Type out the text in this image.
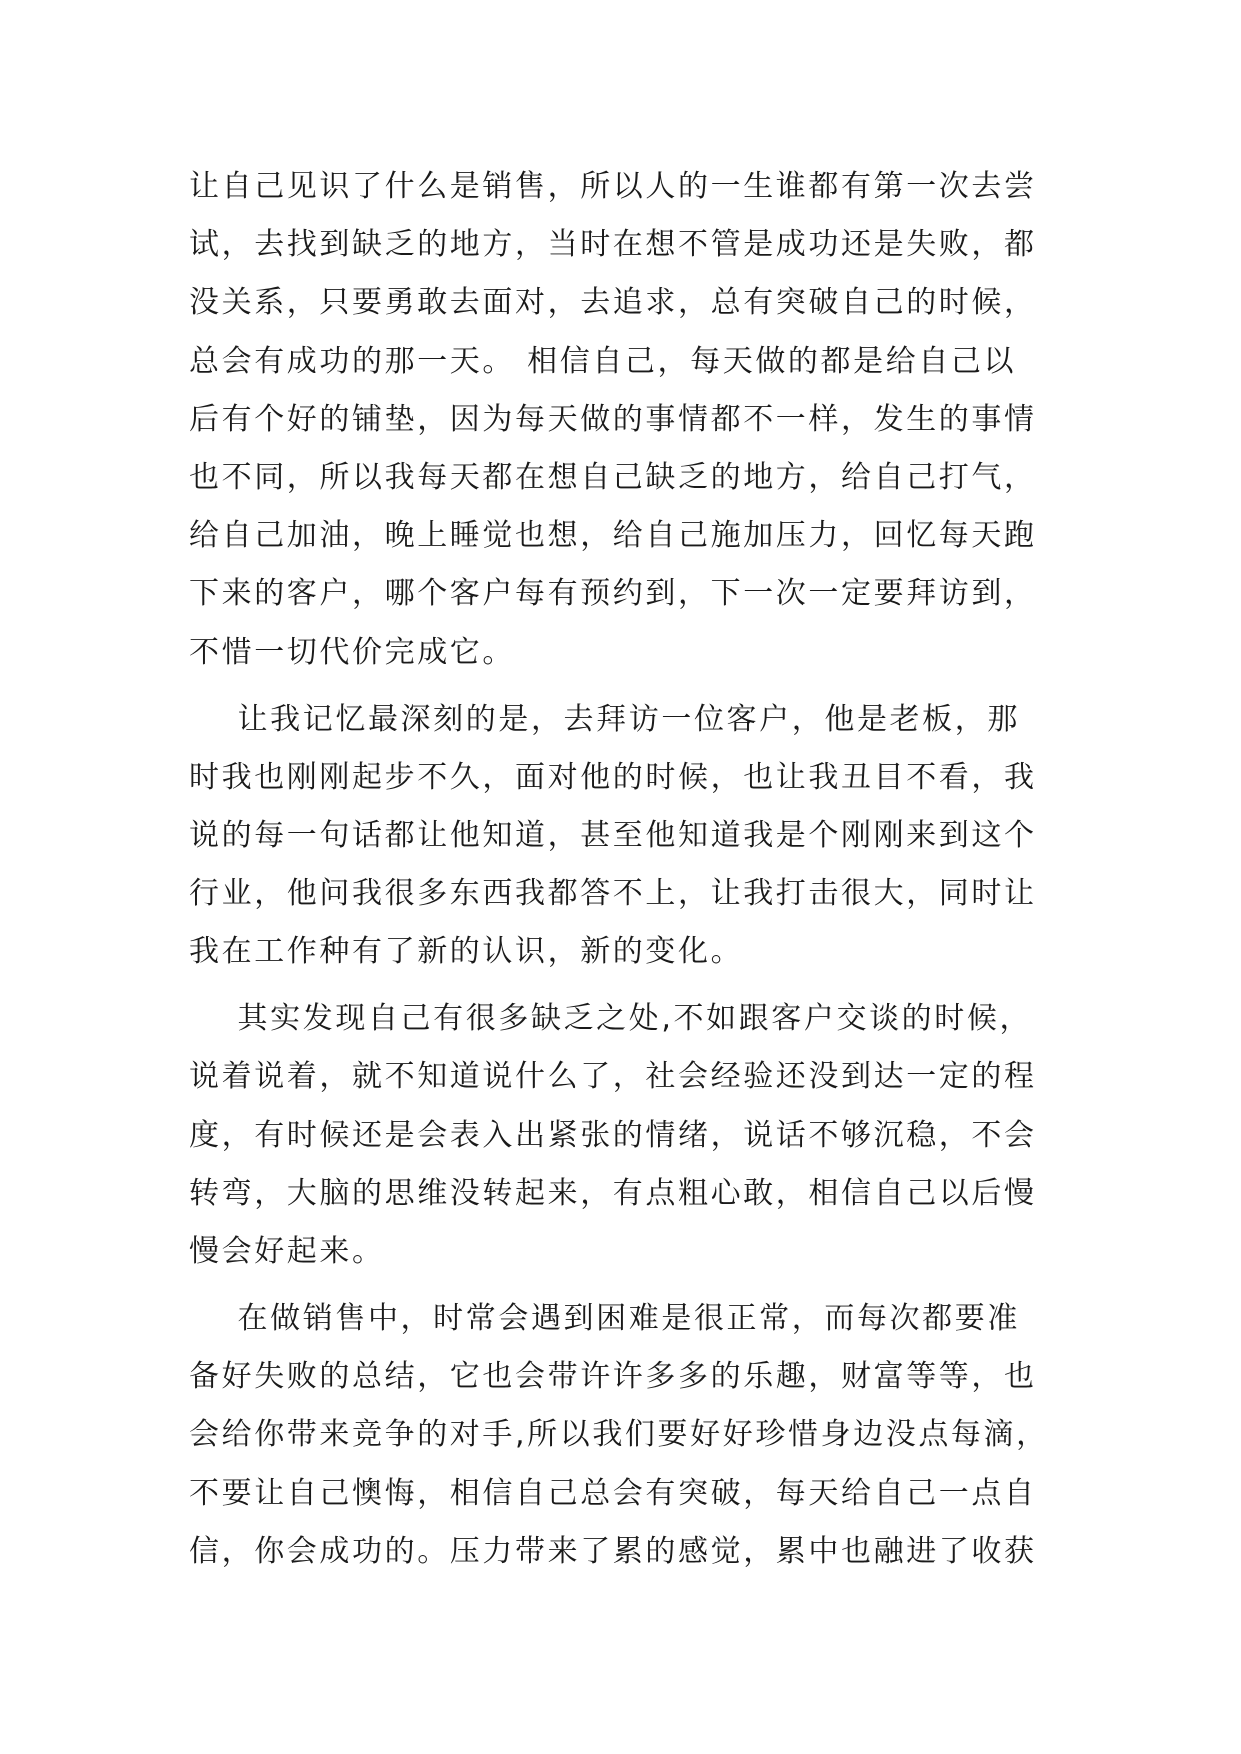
让自己见识了什么是销售，所以人的一生谁都有第一次去尝
试，去找到缺乏的地方，当时在想不管是成功还是失败，都
没关系，只要勇敢去面对，去追求，总有突破自己的时候，
总会有成功的那一天。 相信自己，每天做的都是给自己以
后有个好的铺垫，因为每天做的事情都不一样，发生的事情
也不同，所以我每天都在想自己缺乏的地方，给自己打气，
给自己加油，晚上睡觉也想，给自己施加压力，回忆每天跑
下来的客户，哪个客户每有预约到，下一次一定要拜访到，
不惜一切代价完成它。
让我记忆最深刻的是，去拜访一位客户，他是老板，那
时我也刚刚起步不久，面对他的时候，也让我丑目不看，我
说的每一句话都让他知道，甚至他知道我是个刚刚来到这个
行业，他问我很多东西我都答不上，让我打击很大，同时让
我在工作种有了新的认识，新的变化。
其实发现自己有很多缺乏之处,不如跟客户交谈的时候，
说着说着，就不知道说什么了，社会经验还没到达一定的程
度，有时候还是会表入出紧张的情绪，说话不够沉稳，不会
转弯，大脑的思维没转起来，有点粗心敢，相信自己以后慢
慢会好起来。
在做销售中，时常会遇到困难是很正常，而每次都要准
备好失败的总结，它也会带许许多多的乐趣，财富等等，也
会给你带来竞争的对手,所以我们要好好珍惜身边没点每滴，
不要让自己懊悔，相信自己总会有突破，每天给自己一点自
信，你会成功的。压力带来了累的感觉，累中也融进了收获
